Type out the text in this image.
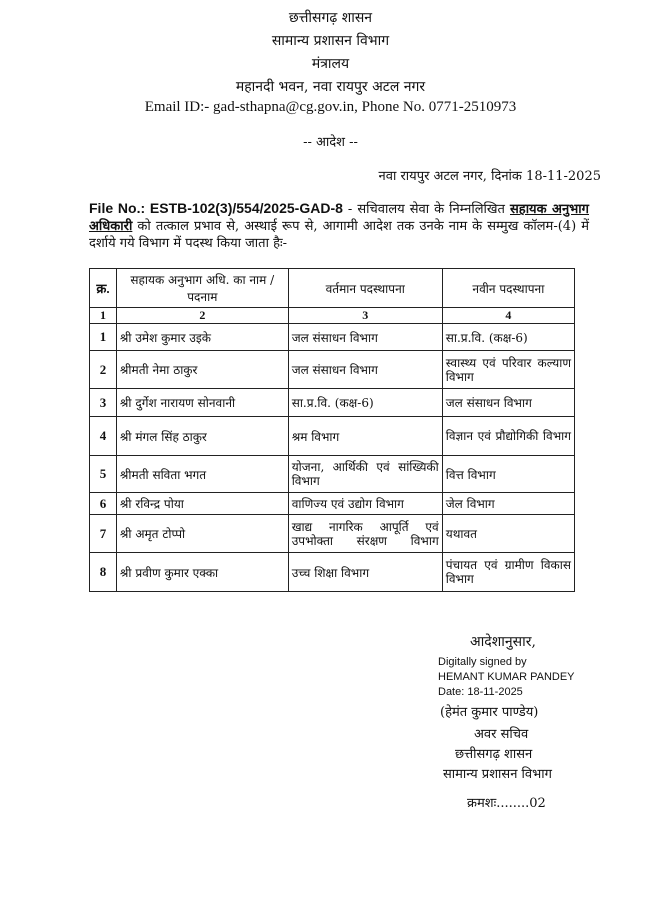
छत्तीसगढ़ शासन
सामान्य प्रशासन विभाग
मंत्रालय
महानदी भवन, नवा रायपुर अटल नगर
Email ID:- gad-sthapna@cg.gov.in, Phone No. 0771-2510973
-- आदेश --
नवा रायपुर अटल नगर, दिनांक 18-11-2025
File No.: ESTB-102(3)/554/2025-GAD-8 - सचिवालय सेवा के निम्नलिखित सहायक अनुभाग अधिकारी को तत्काल प्रभाव से, अस्थाई रूप से, आगामी आदेश तक उनके नाम के सम्मुख कॉलम-(4) में दर्शाये गये विभाग में पदस्थ किया जाता हैः-
क्र.	सहायक अनुभाग अधि. का नाम / पदनाम	वर्तमान पदस्थापना	नवीन पदस्थापना
1	2	3	4
1	श्री उमेश कुमार उइके	जल संसाधन विभाग	सा.प्र.वि. (कक्ष-6)
2	श्रीमती नेमा ठाकुर	जल संसाधन विभाग	स्वास्थ्य एवं परिवार कल्याण विभाग
3	श्री दुर्गेश नारायण सोनवानी	सा.प्र.वि. (कक्ष-6)	जल संसाधन विभाग
4	श्री मंगल सिंह ठाकुर	श्रम विभाग	विज्ञान एवं प्रौद्योगिकी विभाग
5	श्रीमती सविता भगत	योजना, आर्थिकी एवं सांख्यिकी विभाग	वित्त विभाग
6	श्री रविन्द्र पोया	वाणिज्य एवं उद्योग विभाग	जेल विभाग
7	श्री अमृत टोप्पो	खाद्य नागरिक आपूर्ति एवं उपभोक्ता संरक्षण विभाग	यथावत
8	श्री प्रवीण कुमार एक्का	उच्च शिक्षा विभाग	पंचायत एवं ग्रामीण विकास विभाग
आदेशानुसार,
Digitally signed by
HEMANT KUMAR PANDEY
Date: 18-11-2025
(हेमंत कुमार पाण्डेय)
अवर सचिव
छत्तीसगढ़ शासन
सामान्य प्रशासन विभाग
क्रमशः........02
